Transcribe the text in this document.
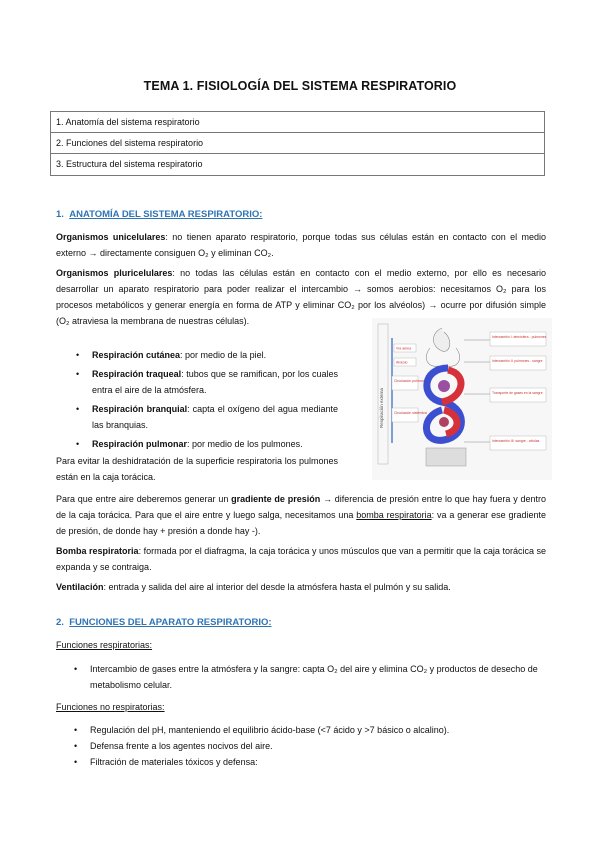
TEMA 1. FISIOLOGÍA DEL SISTEMA RESPIRATORIO
1. Anatomía del sistema respiratorio
2. Funciones del sistema respiratorio
3. Estructura del sistema respiratorio
1. ANATOMÍA DEL SISTEMA RESPIRATORIO:
Organismos unicelulares: no tienen aparato respiratorio, porque todas sus células están en contacto con el medio externo → directamente consiguen O₂ y eliminan CO₂.
Organismos pluricelulares: no todas las células están en contacto con el medio externo, por ello es necesario desarrollar un aparato respiratorio para poder realizar el intercambio → somos aerobios: necesitamos O₂ para los procesos metabólicos y generar energía en forma de ATP y eliminar CO₂ por los alvéolos) → ocurre por difusión simple (O₂ atraviesa la membrana de nuestras células).
• Respiración cutánea: por medio de la piel.
• Respiración traqueal: tubos que se ramifican, por los cuales entra el aire de la atmósfera.
• Respiración branquial: capta el oxígeno del agua mediante las branquias.
• Respiración pulmonar: por medio de los pulmones.
Para evitar la deshidratación de la superficie respiratoria los pulmones están en la caja torácica.
Respiración externa
Vía aérea
Alvéolo
Circulación pulmonar
Circulación sistémica
Intercambio I: atmósfera - pulmones
Intercambio II: pulmones - sangre
Transporte de gases en la sangre
Intercambio III: sangre - células
Para que entre aire deberemos generar un gradiente de presión → diferencia de presión entre lo que hay fuera y dentro de la caja torácica. Para que el aire entre y luego salga, necesitamos una bomba respiratoria: va a generar ese gradiente de presión, de donde hay + presión a donde hay -).
Bomba respiratoria: formada por el diafragma, la caja torácica y unos músculos que van a permitir que la caja torácica se expanda y se contraiga.
Ventilación: entrada y salida del aire al interior del desde la atmósfera hasta el pulmón y su salida.
2. FUNCIONES DEL APARATO RESPIRATORIO:
Funciones respiratorias:
• Intercambio de gases entre la atmósfera y la sangre: capta O₂ del aire y elimina CO₂ y productos de desecho de metabolismo celular.
Funciones no respiratorias:
• Regulación del pH, manteniendo el equilibrio ácido-base (<7 ácido y >7 básico o alcalino).
• Defensa frente a los agentes nocivos del aire.
• Filtración de materiales tóxicos y defensa:
